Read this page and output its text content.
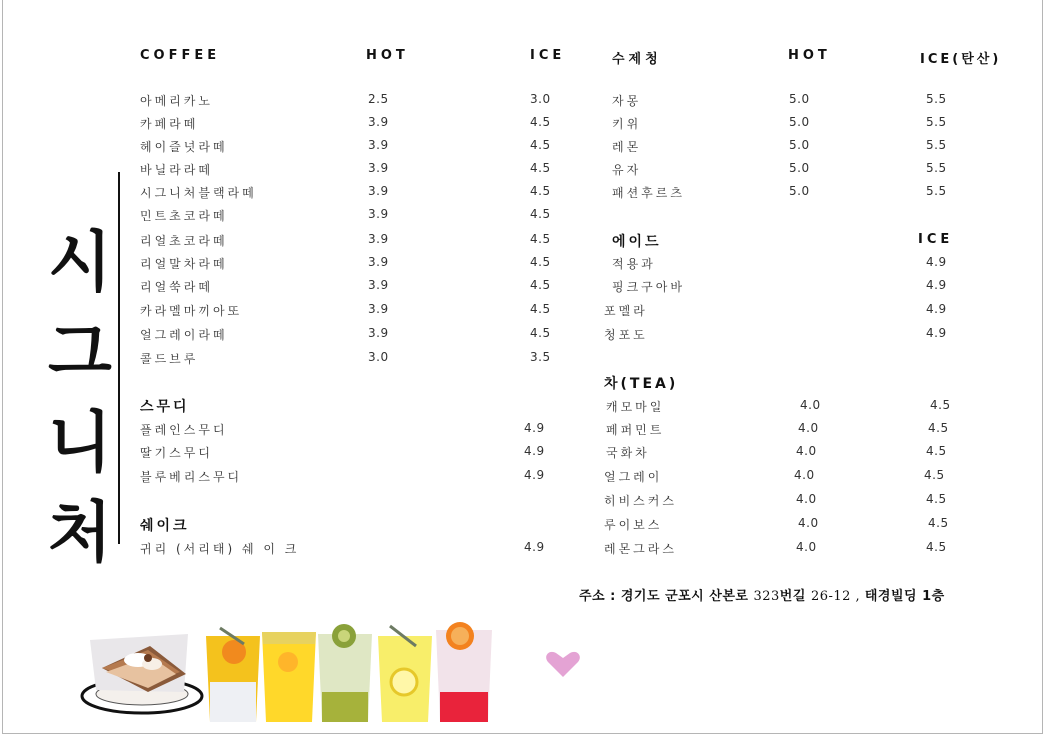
시
그
니
처
COFFEE	HOT	ICE
아메리카노	2.5	3.0
카페라떼	3.9	4.5
헤이즐넛라떼	3.9	4.5
바닐라라떼	3.9	4.5
시그니처블랙라떼	3.9	4.5
민트초코라떼	3.9	4.5
리얼초코라떼	3.9	4.5
리얼말차라떼	3.9	4.5
리얼쑥라떼	3.9	4.5
카라멜마끼아또	3.9	4.5
얼그레이라떼	3.9	4.5
콜드브루	3.0	3.5
스무디
플레인스무디	4.9
딸기스무디	4.9
블루베리스무디	4.9
쉐이크
귀리 (서리태) 쉐 이 크	4.9
수제청	HOT	ICE(탄산)
자몽	5.0	5.5
키위	5.0	5.5
레몬	5.0	5.5
유자	5.0	5.5
패션후르츠	5.0	5.5
에이드	ICE
적용과	4.9
핑크구아바	4.9
포멜라	4.9
청포도	4.9
차(TEA)
캐모마일	4.0	4.5
페퍼민트	4.0	4.5
국화차	4.0	4.5
얼그레이	4.0	4.5
히비스커스	4.0	4.5
루이보스	4.0	4.5
레몬그라스	4.0	4.5
주소 : 경기도 군포시 산본로 323번길 26-12 , 태경빌딩 1층
